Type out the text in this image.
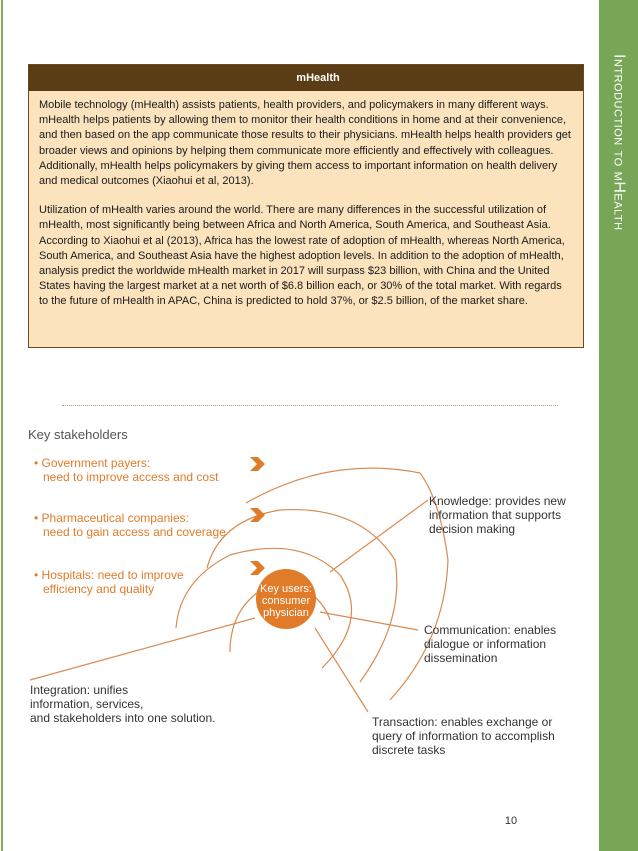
Introduction to mHealth
mHealth

Mobile technology (mHealth) assists patients, health providers, and policymakers in many different ways. mHealth helps patients by allowing them to monitor their health conditions in home and at their convenience, and then based on the app communicate those results to their physicians. mHealth helps health providers get broader views and opinions by helping them communicate more efficiently and effectively with colleagues. Additionally, mHealth helps policymakers by giving them access to important information on health delivery and medical outcomes (Xiaohui et al, 2013).

Utilization of mHealth varies around the world. There are many differences in the successful utilization of mHealth, most significantly being between Africa and North America, South America, and Southeast Asia. According to Xiaohui et al (2013), Africa has the lowest rate of adoption of mHealth, whereas North America, South America, and Southeast Asia have the highest adoption levels. In addition to the adoption of mHealth, analysis predict the worldwide mHealth market in 2017 will surpass $23 billion, with China and the United States having the largest market at a net worth of $6.8 billion each, or 30% of the total market. With regards to the future of mHealth in APAC, China is predicted to hold 37%, or $2.5 billion, of the market share.

Key stakeholders
• Government payers:
need to improve access and cost
• Pharmaceutical companies:
need to gain access and coverage
• Hospitals: need to improve
efficiency and quality	Key users:
consumer
physician
Knowledge: provides new
information that supports
decision making
Communication: enables
dialogue or information
dissemination
Integration: unifies
information, services,
and stakeholders into one solution.	Transaction: enables exchange or
query of information to accomplish
discrete tasks
10
